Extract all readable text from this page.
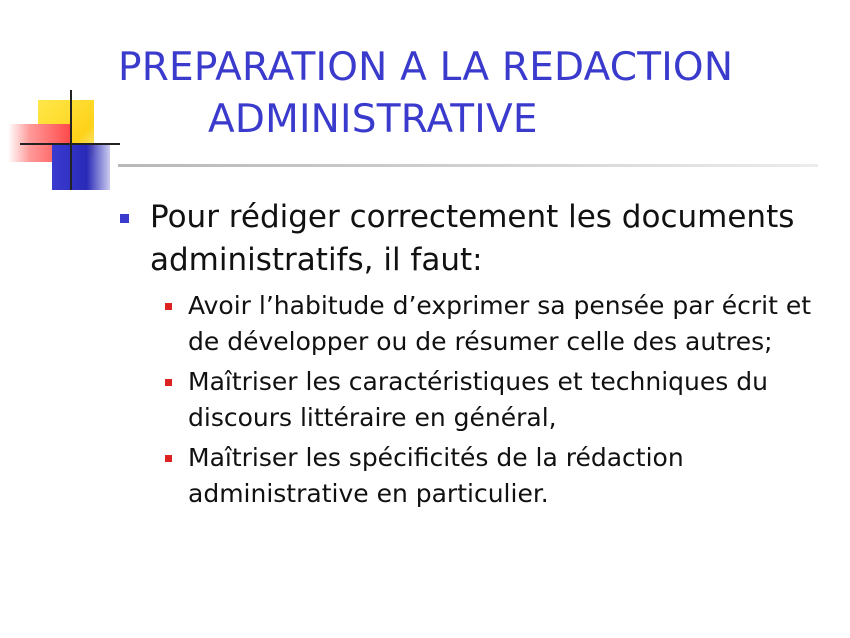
PREPARATION A LA REDACTION
ADMINISTRATIVE
Pour rédiger correctement les documents administratifs, il faut:
Avoir l’habitude d’exprimer sa pensée par écrit et de développer ou de résumer celle des autres;
Maîtriser les caractéristiques et techniques du discours littéraire en général,
Maîtriser les spécificités de la rédaction administrative en particulier.
